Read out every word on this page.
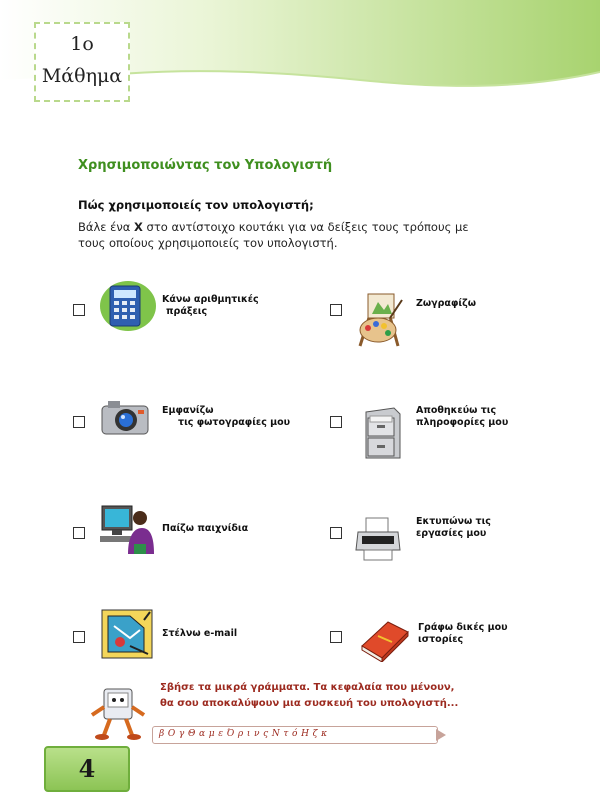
1ο
Μάθημα
Χρησιμοποιώντας τον Υπολογιστή
Πώς χρησιμοποιείς τον υπολογιστή;
Βάλε ένα X στο αντίστοιχο κουτάκι για να δείξεις τους τρόπους με τους οποίους χρησιμοποιείς τον υπολογιστή.
Κάνω αριθμητικές
πράξεις
Ζωγραφίζω
Εμφανίζω
τις φωτογραφίες μου
Αποθηκεύω τις
πληροφορίες μου
Παίζω παιχνίδια
Εκτυπώνω τις
εργασίες μου
Στέλνω e-mail
Γράφω δικές μου
ιστορίες
Σβήσε τα μικρά γράμματα. Τα κεφαλαία που μένουν,
θα σου αποκαλύψουν μια συσκευή του υπολογιστή...
β Ο γ Θ α μ ε Ό ρ ι ν ς Ν τ ό Η ζ κ
4
